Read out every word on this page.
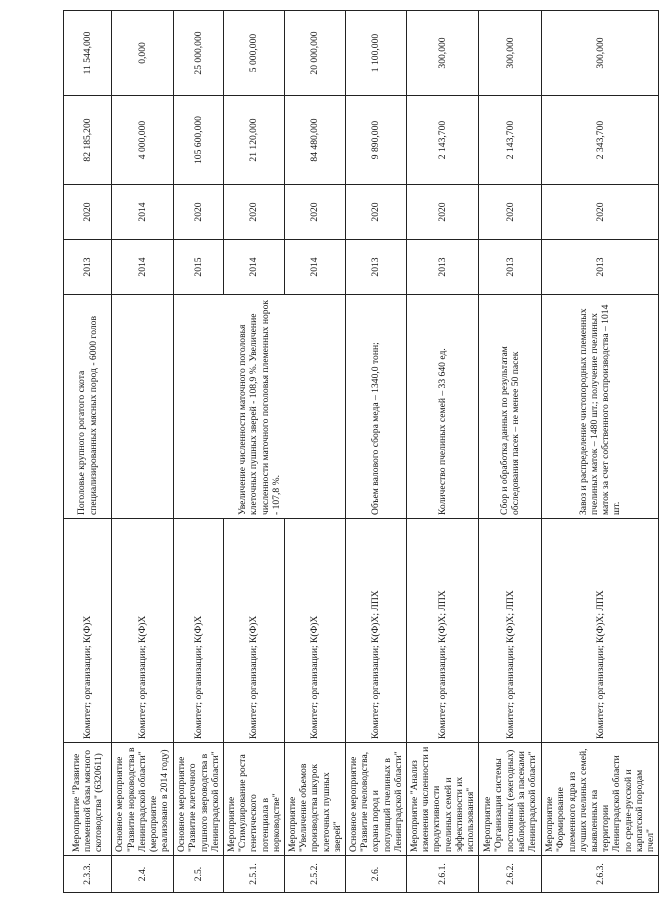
2.3.3.	Мероприятие "Развитие племенной базы мясного скотоводства" (6320611)	Комитет; организации; К(Ф)Х	Поголовье крупного рогатого скота специализированных мясных пород - 6000 голов	2013	2020	82 185,200	11 544,000
2.4.	Основное мероприятие "Развитие норководства в Ленинградской области" (мероприятие реализовано в 2014 году)	Комитет; организации; К(Ф)Х		2014	2014	4 000,000	0,000
2.5.	Основное мероприятие "Развитие клеточного пушного звероводства в Ленинградской области"	Комитет; организации; К(Ф)Х	Увеличение численности маточного поголовья клеточных пушных зверей - 108,9 %. Увеличение численности маточного поголовья племенных норок - 107,8 %.	2015	2020	105 600,000	25 000,000
2.5.1.	Мероприятие "Стимулирование роста генетического потенциала в норководстве"	Комитет; организации; К(Ф)Х		2014	2020	21 120,000	5 000,000
2.5.2.	Мероприятие "Увеличение объемов производства шкурок клеточных пушных зверей"	Комитет; организации; К(Ф)Х		2014	2020	84 480,000	20 000,000
2.6.	Основное мероприятие "Развитие пчеловодства, охрана пород и популяций пчелиных в Ленинградской области"	Комитет; организации; К(Ф)Х; ЛПХ	Объем валового сбора меда – 1340,0 тонн;	2013	2020	9 890,000	1 100,000
2.6.1.	Мероприятие "Анализ изменения численности и продуктивности пчелиных семей и эффективности их использования"	Комитет; организации; К(Ф)Х; ЛПХ	Количество пчелиных семей – 33 640 ед.	2013	2020	2 143,700	300,000
2.6.2.	Мероприятие "Организация системы постоянных (ежегодных) наблюдений за пасеками Ленинградской области"	Комитет; организации; К(Ф)Х; ЛПХ	Сбор и обработка данных по результатам обследования пасек – не менее 50 пасек	2013	2020	2 143,700	300,000
2.6.3.	Мероприятие "Формирование племенного ядра из лучших пчелиных семей, выявленных на территории Ленинградской области по средне-русской и карпатской породам пчел"	Комитет; организации; К(Ф)Х; ЛПХ	Завоз и распределение чистопородных племенных пчелиных маток – 1480 шт.; получение пчелиных маток за счет собственного воспроизводства – 1014 шт.	2013	2020	2 343,700	300,000
